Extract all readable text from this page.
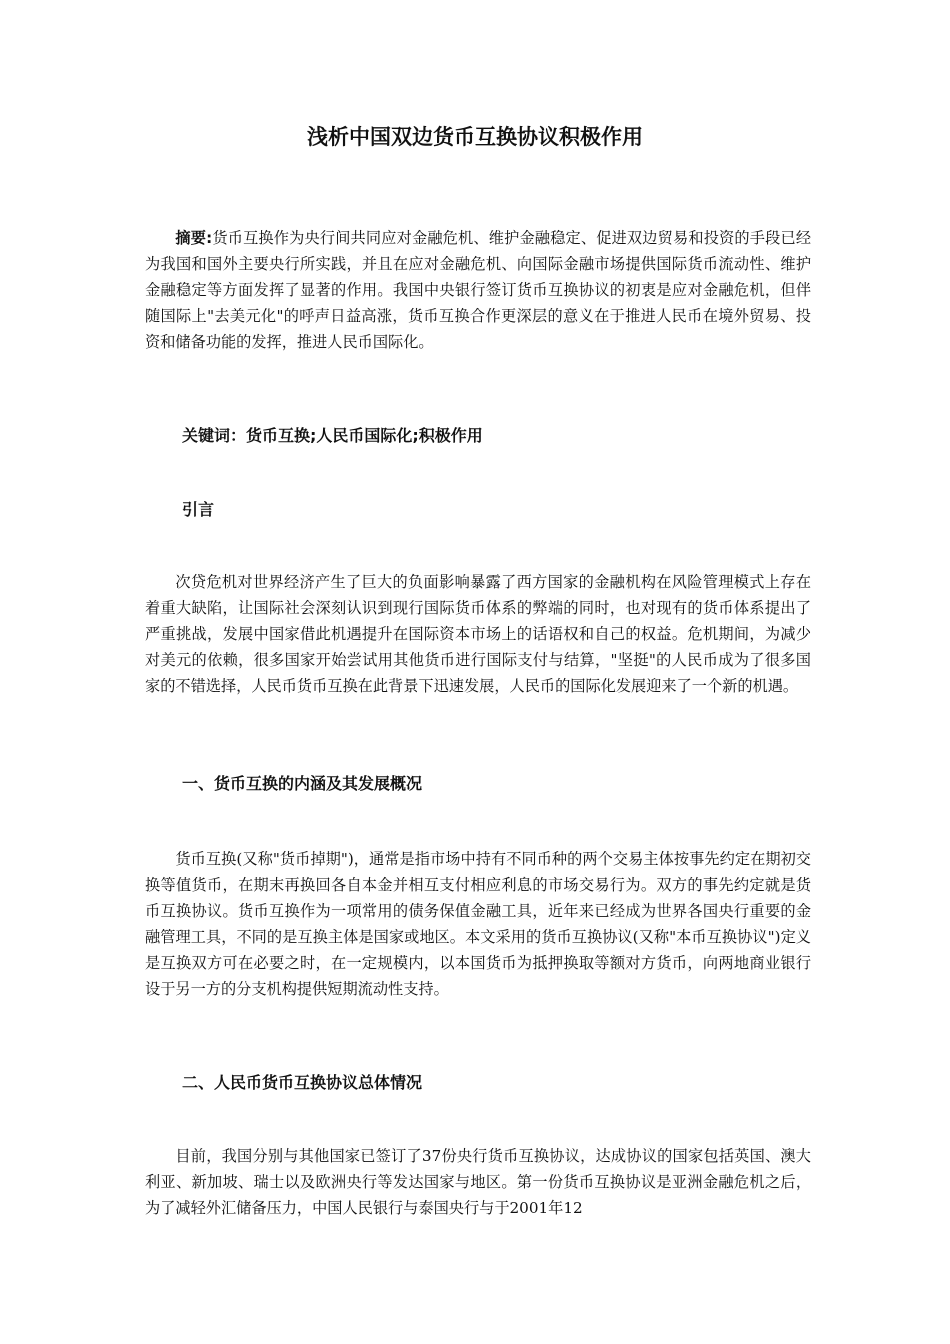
浅析中国双边货币互换协议积极作用

摘要:货币互换作为央行间共同应对金融危机、维护金融稳定、促进双边贸易和投资的手段已经为我国和国外主要央行所实践，并且在应对金融危机、向国际金融市场提供国际货币流动性、维护金融稳定等方面发挥了显著的作用。我国中央银行签订货币互换协议的初衷是应对金融危机，但伴随国际上"去美元化"的呼声日益高涨，货币互换合作更深层的意义在于推进人民币在境外贸易、投资和储备功能的发挥，推进人民币国际化。

关键词：货币互换;人民币国际化;积极作用
引言

次贷危机对世界经济产生了巨大的负面影响暴露了西方国家的金融机构在风险管理模式上存在着重大缺陷，让国际社会深刻认识到现行国际货币体系的弊端的同时，也对现有的货币体系提出了严重挑战，发展中国家借此机遇提升在国际资本市场上的话语权和自己的权益。危机期间，为减少对美元的依赖，很多国家开始尝试用其他货币进行国际支付与结算，"坚挺"的人民币成为了很多国家的不错选择，人民币货币互换在此背景下迅速发展，人民币的国际化发展迎来了一个新的机遇。

一、货币互换的内涵及其发展概况

货币互换(又称"货币掉期")，通常是指市场中持有不同币种的两个交易主体按事先约定在期初交换等值货币，在期末再换回各自本金并相互支付相应利息的市场交易行为。双方的事先约定就是货币互换协议。货币互换作为一项常用的债务保值金融工具，近年来已经成为世界各国央行重要的金融管理工具，不同的是互换主体是国家或地区。本文采用的货币互换协议(又称"本币互换协议")定义是互换双方可在必要之时，在一定规模内，以本国货币为抵押换取等额对方货币，向两地商业银行设于另一方的分支机构提供短期流动性支持。

二、人民币货币互换协议总体情况

目前，我国分别与其他国家已签订了37份央行货币互换协议，达成协议的国家包括英国、澳大利亚、新加坡、瑞士以及欧洲央行等发达国家与地区。第一份货币互换协议是亚洲金融危机之后，为了减轻外汇储备压力，中国人民银行与泰国央行与于2001年12
